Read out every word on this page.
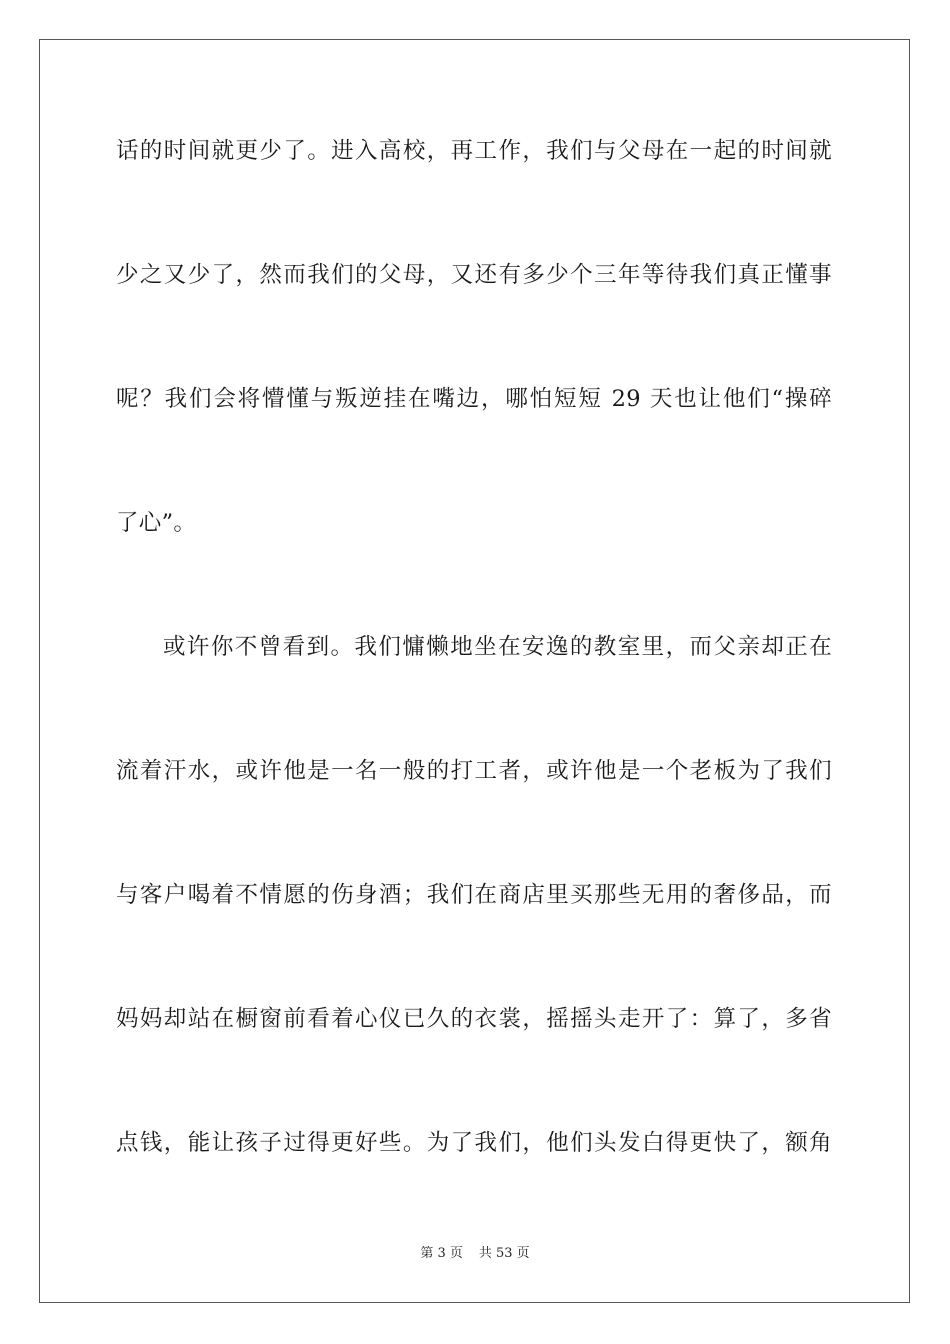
话的时间就更少了。进入高校，再工作，我们与父母在一起的时间就
少之又少了，然而我们的父母，又还有多少个三年等待我们真正懂事
呢？我们会将懵懂与叛逆挂在嘴边，哪怕短短 29 天也让他们“操碎
了心”。
或许你不曾看到。我们慵懒地坐在安逸的教室里，而父亲却正在
流着汗水，或许他是一名一般的打工者，或许他是一个老板为了我们
与客户喝着不情愿的伤身酒；我们在商店里买那些无用的奢侈品，而
妈妈却站在橱窗前看着心仪已久的衣裳，摇摇头走开了：算了，多省
点钱，能让孩子过得更好些。为了我们，他们头发白得更快了，额角
第 3 页 共 53 页
